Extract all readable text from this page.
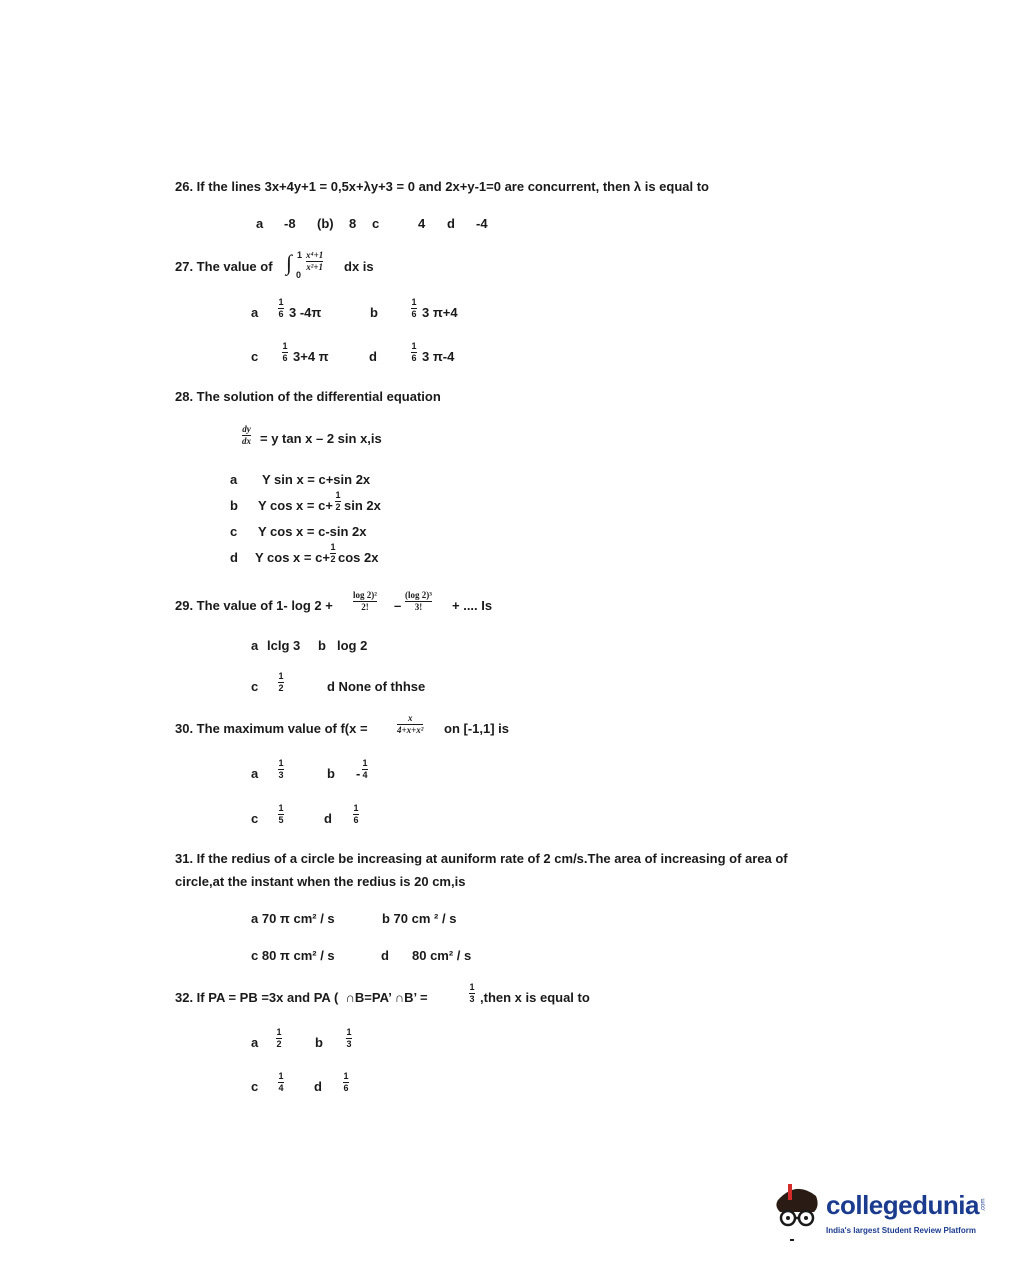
26. If the lines 3x+4y+1 = 0,5x+λy+3 = 0 and 2x+y-1=0 are concurrent, then λ is equal to
a -8 (b) 8 c	4 d -4
27. The value of ∫ 1
0
x⁴+1
x²+1 dx is
a
1
6 3 -4π	b
1
6 3 π+4
c
1
6 3+4 π	d
1
6 3 π-4
28. The solution of the differential equation
dy
dx = y tan x – 2 sin x,is
a Y sin x = c+sin 2x
b Y cos x = c+
1
2 sin 2x
c Y cos x = c-sin 2x
d Y cos x = c+
1
2 cos 2x
29. The value of 1- log 2 +
log 2)²
2! –
(log 2)³
3! + .... Is
a lclg 3 b log 2
c
1
2	d None of thhse
30. The maximum value of f(x =
x
4+x+x² on [-1,1] is
a
1
3	b -
1
4
c
1
5	d
1
6
31. If the redius of a circle be increasing at auniform rate of 2 cm/s.The area of increasing of area of
circle,at the instant when the redius is 20 cm,is
a 70 π cm² / s	b 70 cm ² / s
c 80 π cm² / s	d 80 cm² / s
32. If PA = PB =3x and PA (  ∩B=PA’ ∩B’ =
1
3 ,then x is equal to
a
1
2	b
1
3
c
1
4 d
1
6
collegedunia .com
India's largest Student Review Platform
